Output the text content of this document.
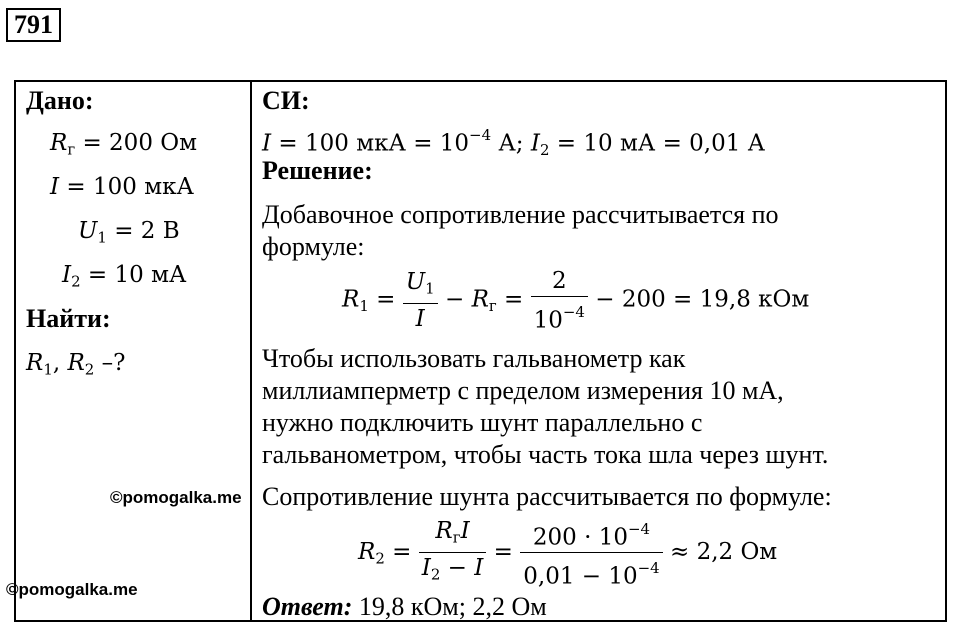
791
Дано:
$R_г = 200$ Ом
I = 100 мкА
$U_1 = 2$ В
$I_2 = 10$ мА
Найти:
$R_1$, $R_2$ –?
©pomogalka.me
СИ:
I = 100 мкА = $10^{-4}$ А; $I_2 = 10$ мА = 0,01 А
Решение:
Добавочное сопротивление рассчитывается по
формуле:
$R_1 = \frac{U_1}{I} - R_г = \frac{2}{10^{-4}} - 200 = 19,8$ кОм
Чтобы использовать гальванометр как
миллиамперметр с пределом измерения 10 мА,
нужно подключить шунт параллельно с
гальванометром, чтобы часть тока шла через шунт.
Сопротивление шунта рассчитывается по формуле:
$R_2 = \frac{R_гI}{I_2 - I} = \frac{200 \cdot 10^{-4}}{0,01 - 10^{-4}} \approx 2,2$ Ом
Ответ: 19,8 кОм; 2,2 Ом
©pomogalka.me
